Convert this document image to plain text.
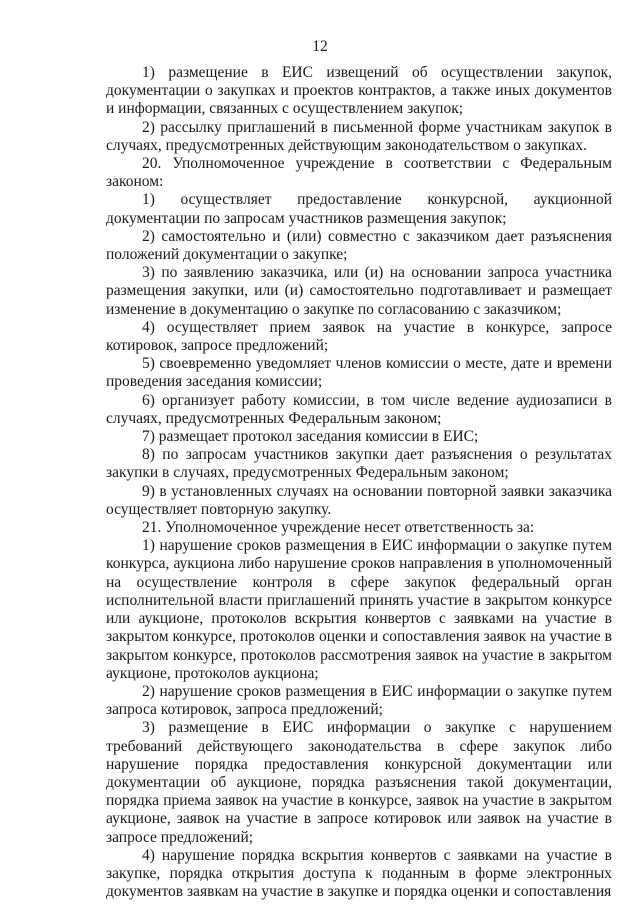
12

1) размещение в ЕИС извещений об осуществлении закупок, документации о закупках и проектов контрактов, а также иных документов и информации, связанных с осуществлением закупок;

2) рассылку приглашений в письменной форме участникам закупок в случаях, предусмотренных действующим законодательством о закупках.

20. Уполномоченное учреждение в соответствии с Федеральным законом:

1) осуществляет предоставление конкурсной, аукционной документации по запросам участников размещения закупок;

2) самостоятельно и (или) совместно с заказчиком дает разъяснения положений документации о закупке;

3) по заявлению заказчика, или (и) на основании запроса участника размещения закупки, или (и) самостоятельно подготавливает и размещает изменение в документацию о закупке по согласованию с заказчиком;

4) осуществляет прием заявок на участие в конкурсе, запросе котировок, запросе предложений;

5) своевременно уведомляет членов комиссии о месте, дате и времени проведения заседания комиссии;

6) организует работу комиссии, в том числе ведение аудиозаписи в случаях, предусмотренных Федеральным законом;

7) размещает протокол заседания комиссии в ЕИС;

8) по запросам участников закупки дает разъяснения о результатах закупки в случаях, предусмотренных Федеральным законом;

9) в установленных случаях на основании повторной заявки заказчика осуществляет повторную закупку.

21. Уполномоченное учреждение несет ответственность за:

1) нарушение сроков размещения в ЕИС информации о закупке путем конкурса, аукциона либо нарушение сроков направления в уполномоченный на осуществление контроля в сфере закупок федеральный орган исполнительной власти приглашений принять участие в закрытом конкурсе или аукционе, протоколов вскрытия конвертов с заявками на участие в закрытом конкурсе, протоколов оценки и сопоставления заявок на участие в закрытом конкурсе, протоколов рассмотрения заявок на участие в закрытом аукционе, протоколов аукциона;

2) нарушение сроков размещения в ЕИС информации о закупке путем запроса котировок, запроса предложений;

3) размещение в ЕИС информации о закупке с нарушением требований действующего законодательства в сфере закупок либо нарушение порядка предоставления конкурсной документации или документации об аукционе, порядка разъяснения такой документации, порядка приема заявок на участие в конкурсе, заявок на участие в закрытом аукционе, заявок на участие в запросе котировок или заявок на участие в запросе предложений;

4) нарушение порядка вскрытия конвертов с заявками на участие в закупке, порядка открытия доступа к поданным в форме электронных документов заявкам на участие в закупке и порядка оценки и сопоставления
